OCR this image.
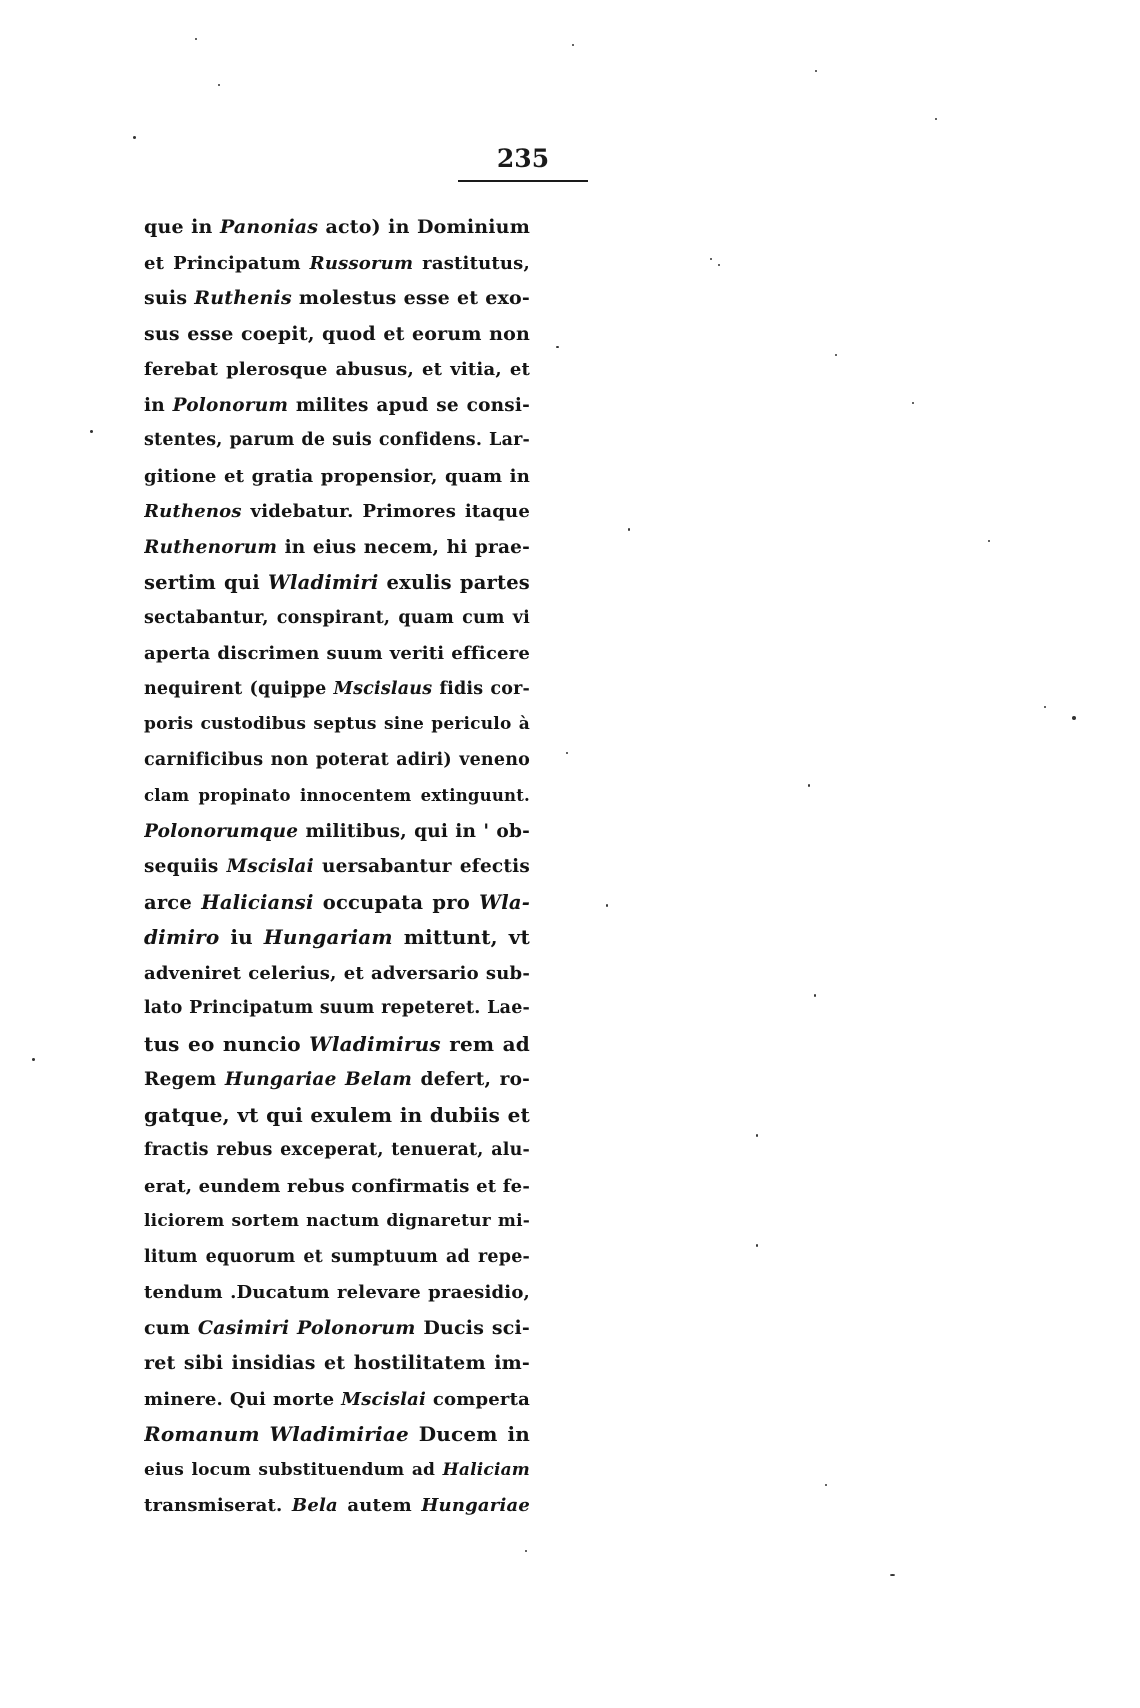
235
que in Panonias acto) in Dominium
et Principatum Russorum rastitutus,
suis Ruthenis molestus esse et exo-
sus esse coepit, quod et eorum non
ferebat plerosque abusus, et vitia, et
in Polonorum milites apud se consi-
stentes, parum de suis confidens. Lar-
gitione et gratia propensior, quam in
Ruthenos videbatur. Primores itaque
Ruthenorum in eius necem, hi prae-
sertim qui Wladimiri exulis partes
sectabantur, conspirant, quam cum vi
aperta discrimen suum veriti efficere
nequirent (quippe Mscislaus fidis cor-
poris custodibus septus sine periculo à
carnificibus non poterat adiri) veneno
clam propinato innocentem extinguunt.
Polonorumque militibus, qui in ' ob-
sequiis Mscislai uersabantur efectis
arce Haliciansi occupata pro Wla-
dimiro iu Hungariam mittunt, vt
adveniret celerius, et adversario sub-
lato Principatum suum repeteret. Lae-
tus eo nuncio Wladimirus rem ad
Regem Hungariae Belam defert, ro-
gatque, vt qui exulem in dubiis et
fractis rebus exceperat, tenuerat, alu-
erat, eundem rebus confirmatis et fe-
liciorem sortem nactum dignaretur mi-
litum equorum et sumptuum ad repe-
tendum .Ducatum relevare praesidio,
cum Casimiri Polonorum Ducis sci-
ret sibi insidias et hostilitatem im-
minere. Qui morte Mscislai comperta
Romanum Wladimiriae Ducem in
eius locum substituendum ad Haliciam
transmiserat. Bela autem Hungariae
